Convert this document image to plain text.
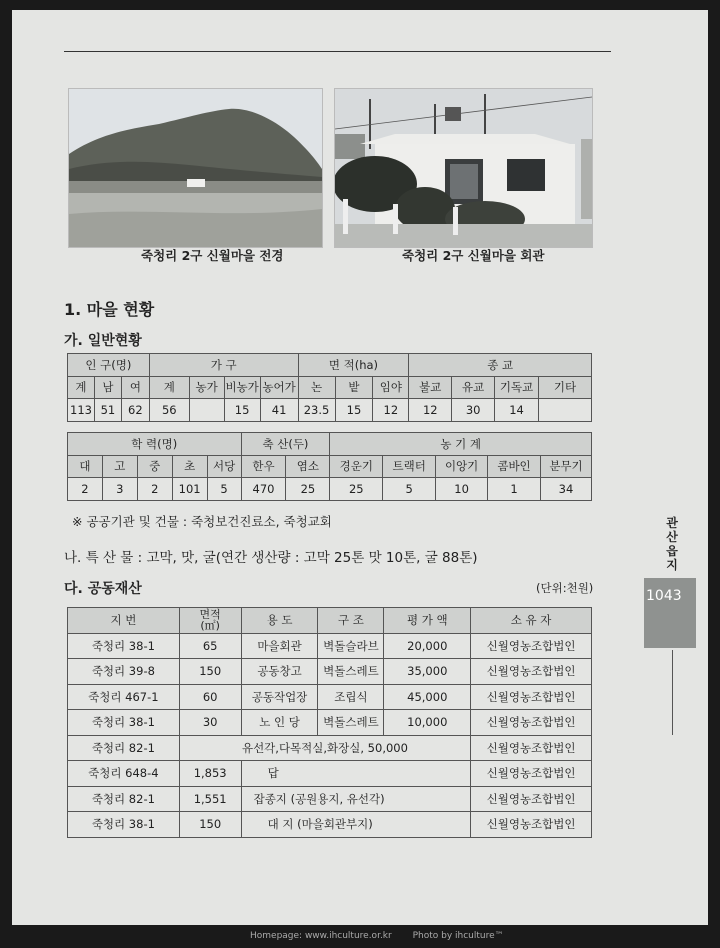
죽청리 2구 신월마을 전경	죽청리 2구 신월마을 회관
1. 마을 현황
가. 일반현황
인 구(명)			가 구				면 적(ha)			종 교			
계	남	여	계	농가	비농가	농어가	논	밭	임야	불교	유교	기독교	기타
113	51	62	56		15	41	23.5	15	12	12	30	14	
학 력(명)					축 산(두)		농 기 계				
대	고	중	초	서당	한우	염소	경운기	트랙터	이앙기	콤바인	분무기
2	3	2	101	5	470	25	25	5	10	1	34
※ 공공기관 및 건물 : 죽청보건진료소, 죽청교회
나. 특 산 물 : 고막, 맛, 굴(연간 생산량 : 고막 25톤 맛 10톤, 굴 88톤)
다. 공동재산	(단위:천원)
지 번	면적
(㎡)	용 도	구 조	평 가 액	소 유 자
죽청리 38-1	65	마을회관	벽돌슬라브	20,000	신월영농조합법인
죽청리 39-8	150	공동창고	벽돌스레트	35,000	신월영농조합법인
죽청리 467-1	60	공동작업장	조립식	45,000	신월영농조합법인
죽청리 38-1	30	노 인 당	벽돌스레트	10,000	신월영농조합법인
죽청리 82-1	유선각,다목적실,화장실, 50,000				신월영농조합법인
죽청리 648-4	1,853	답			신월영농조합법인
죽청리 82-1	1,551	잡종지 (공원용지, 유선각)			신월영농조합법인
죽청리 38-1	150	대 지 (마을회관부지)			신월영농조합법인
관산읍지
1043
Homepage: www.ihculture.or.kr Photo by ihculture™
